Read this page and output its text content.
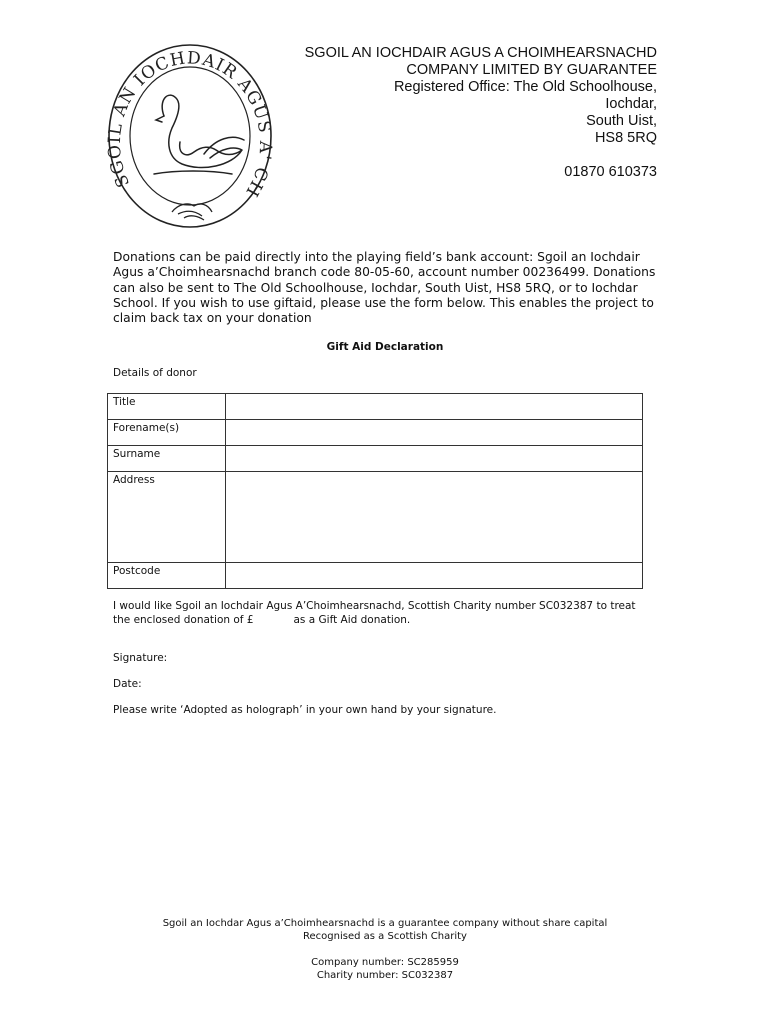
SGOIL AN IOCHDAIR AGUS A' CH
SGOIL AN IOCHDAIR AGUS A CHOIMHEARSNACHD
COMPANY LIMITED BY GUARANTEE
Registered Office: The Old Schoolhouse,
Iochdar,
South Uist,
HS8 5RQ
01870 610373
Donations can be paid directly into the playing field’s bank account: Sgoil an Iochdair Agus a’Choimhearsnachd branch code 80-05-60, account number 00236499. Donations can also be sent to The Old Schoolhouse, Iochdar, South Uist, HS8 5RQ, or to Iochdar School. If you wish to use giftaid, please use the form below. This enables the project to claim back tax on your donation
Gift Aid Declaration
Details of donor
Title	
Forename(s)	
Surname	
Address	
Postcode	
I would like Sgoil an Iochdair Agus A’Choimhearsnachd, Scottish Charity number SC032387 to treat
the enclosed donation of £	as a Gift Aid donation.
Signature:
Date:
Please write ‘Adopted as holograph’ in your own hand by your signature.
Sgoil an Iochdar Agus a’Choimhearsnachd is a guarantee company without share capital
Recognised as a Scottish Charity
Company number: SC285959
Charity number: SC032387
